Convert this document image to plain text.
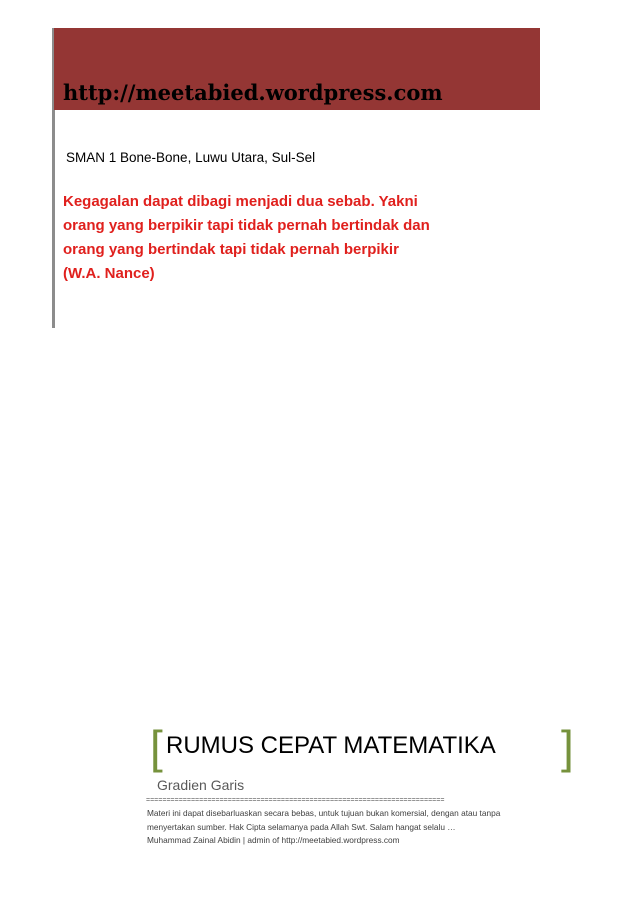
http://meetabied.wordpress.com
SMAN 1 Bone-Bone, Luwu Utara, Sul-Sel
Kegagalan dapat dibagi menjadi dua sebab. Yakni
orang yang berpikir tapi tidak pernah bertindak dan
orang yang bertindak tapi tidak pernah berpikir
(W.A. Nance)
[ RUMUS CEPAT MATEMATIKA ]
Gradien Garis
=========================================================================
Materi ini dapat disebarluaskan secara bebas, untuk tujuan bukan komersial, dengan atau tanpa
menyertakan sumber. Hak Cipta selamanya pada Allah Swt. Salam hangat selalu …
Muhammad Zainal Abidin | admin of http://meetabied.wordpress.com
